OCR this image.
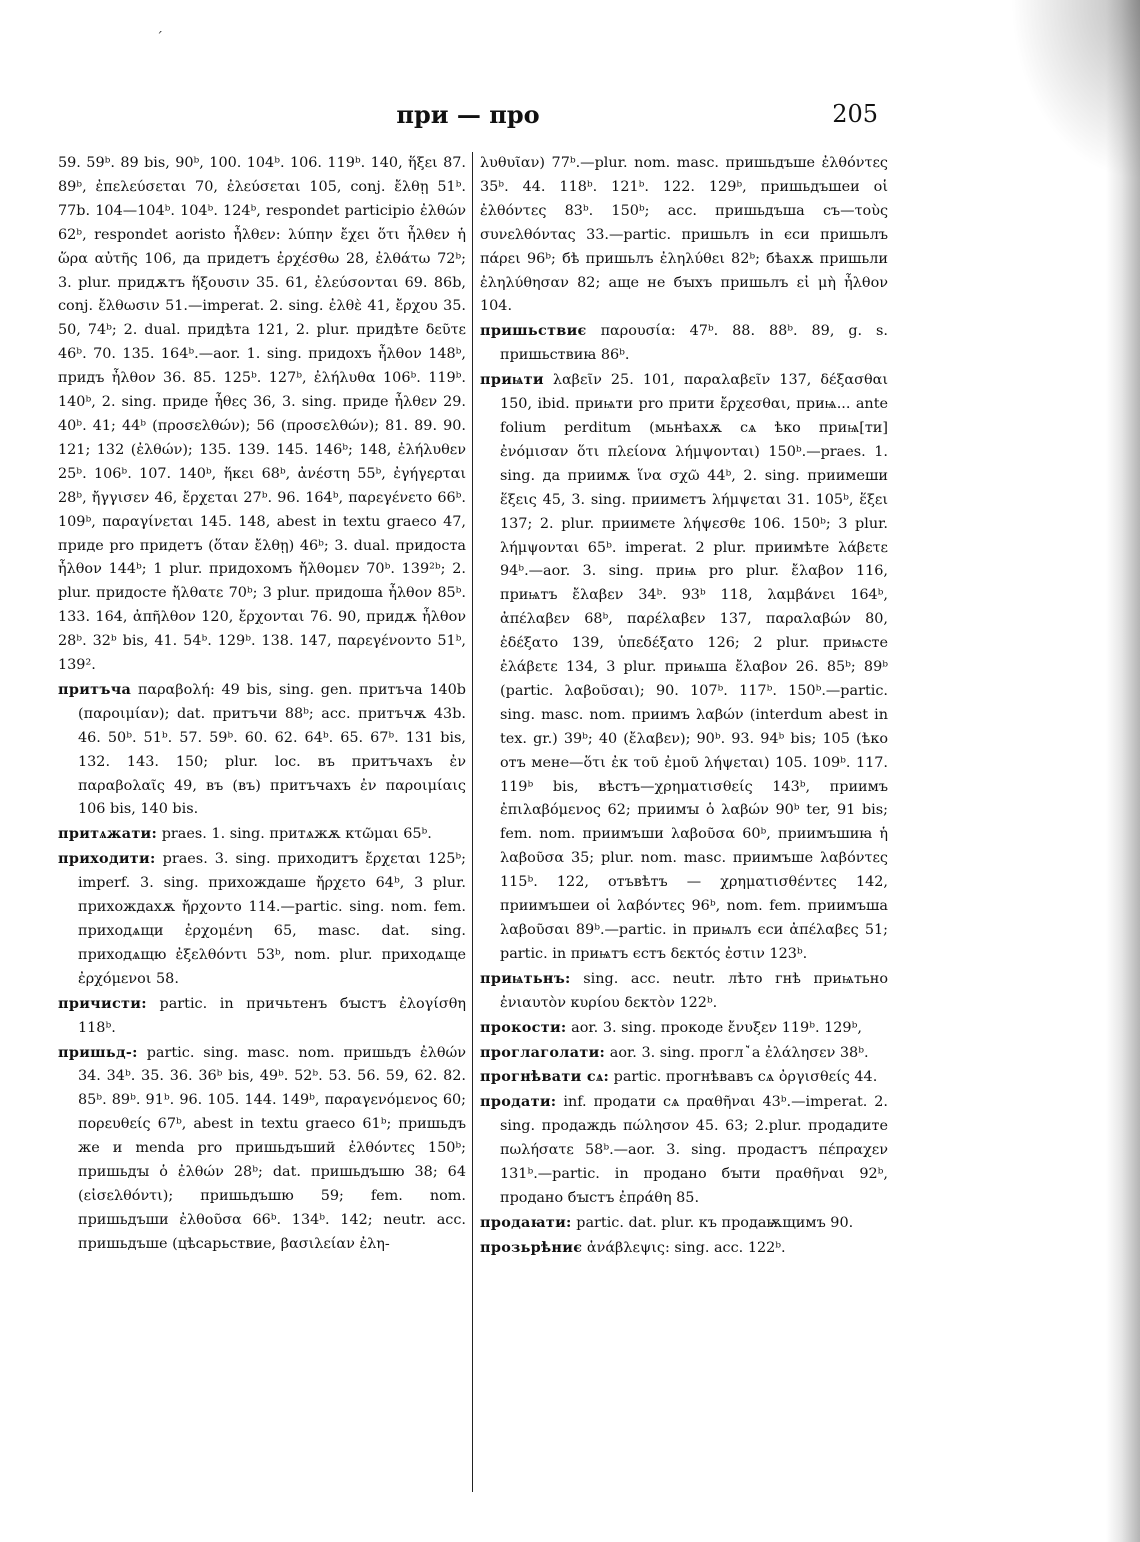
ˊ
при — про	205

59. 59ᵇ. 89 bis, 90ᵇ, 100. 104ᵇ. 106. 119ᵇ. 140, ἥξει 87. 89ᵇ, ἐπελεύσεται 70, ἐλεύσεται 105, conj. ἔλθῃ 51ᵇ. 77b. 104—104ᵇ. 104ᵇ. 124ᵇ, respondet participio ἐλθών 62ᵇ, respondet aoristo ἦλθεν: λύπην ἔχει ὅτι ἦλθεν ἡ ὥρα αὐτῆς 106, да придетъ ἐρχέσθω 28, ἐλθάτω 72ᵇ; 3. plur. придѫтъ ἥξουσιν 35. 61, ἐλεύσονται 69. 86b, conj. ἔλθωσιν 51.—imperat. 2. sing. ἐλθὲ 41, ἔρχου 35. 50, 74ᵇ; 2. dual. придѣта 121, 2. plur. придѣте δεῦτε 46ᵇ. 70. 135. 164ᵇ.—aor. 1. sing. придохъ ἦλθον 148ᵇ, придъ ἦλθον 36. 85. 125ᵇ. 127ᵇ, ἐλήλυθα 106ᵇ. 119ᵇ. 140ᵇ, 2. sing. приде ἦθες 36, 3. sing. приде ἦλθεν 29. 40ᵇ. 41; 44ᵇ (προσελθών); 56 (προσελθών); 81. 89. 90. 121; 132 (ἐλθών); 135. 139. 145. 146ᵇ; 148, ἐλήλυθεν 25ᵇ. 106ᵇ. 107. 140ᵇ, ἥκει 68ᵇ, ἀνέστη 55ᵇ, ἐγήγερται 28ᵇ, ἤγγισεν 46, ἔρχεται 27ᵇ. 96. 164ᵇ, παρεγένετο 66ᵇ. 109ᵇ, παραγίνεται 145. 148, abest in textu graeco 47, приде pro придетъ (ὅταν ἔλθῃ) 46ᵇ; 3. dual. придоста ἦλθον 144ᵇ; 1 plur. придохомъ ἤλθομεν 70ᵇ. 139²ᵇ; 2. plur. придосте ἤλθατε 70ᵇ; 3 plur. придоша ἦλθον 85ᵇ. 133. 164, ἀπῆλθον 120, ἔρχονται 76. 90, придѫ ἦλθον 28ᵇ. 32ᵇ bis, 41. 54ᵇ. 129ᵇ. 138. 147, παρεγένοντο 51ᵇ, 139².

притъча παραβολή: 49 bis, sing. gen. притъча 140b (παροιμίαν); dat. притъчи 88ᵇ; acc. притъчѫ 43b. 46. 50ᵇ. 51ᵇ. 57. 59ᵇ. 60. 62. 64ᵇ. 65. 67ᵇ. 131 bis, 132. 143. 150; plur. loc. въ притъчахъ ἐν παραβολαῖς 49, въ (въ) притъчахъ ἐν παροιμίαις 106 bis, 140 bis.

притѧжати: praes. 1. sing. притѧжѫ κτῶμαι 65ᵇ.

прихoдити: praes. 3. sing. приходитъ ἔρχεται 125ᵇ; imperf. 3. sing. прихождаше ἤρχετο 64ᵇ, 3 plur. прихождахѫ ἤρχοντο 114.—partic. sing. nom. fem. приходѧщи ἐρχομένη 65, masc. dat. sing. приходѧщю ἐξελθόντι 53ᵇ, nom. plur. приходѧще ἐρχόμενοι 58.

причисти: partic. in причьтенъ бꙑстъ ἐλογίσθη 118ᵇ.

пришьд-: partic. sing. masc. nom. пришьдъ ἐλθών 34. 34ᵇ. 35. 36. 36ᵇ bis, 49ᵇ. 52ᵇ. 53. 56. 59, 62. 82. 85ᵇ. 89ᵇ. 91ᵇ. 96. 105. 144. 149ᵇ, παραγενόμενος 60; πορευθείς 67ᵇ, abest in textu graeco 61ᵇ; пришьдъ же и menda pro пришьдъший ἐλθόντες 150ᵇ; пришьдꙑ ὁ ἐλθών 28ᵇ; dat. пришьдъшю 38; 64 (εἰσελθόντι); пришьдъшю 59; fem. nom. пришьдъши ἐλθοῦσα 66ᵇ. 134ᵇ. 142; neutr. acc. пришьдъше (цѣсарьствие, βασιλείαν ἐλη-

λυθυῖαν) 77ᵇ.—plur. nom. masc. пришьдъше ἐλθόντες 35ᵇ. 44. 118ᵇ. 121ᵇ. 122. 129ᵇ, пришьдъшеи οἱ ἐλθόντες 83ᵇ. 150ᵇ; acc. пришьдъша съ—τοὺς συνελθόντας 33.—partic. пришьлъ in єси пришьлъ πάρει 96ᵇ; бѣ пришьлъ ἐληλύθει 82ᵇ; бѣахѫ пришьли ἐληλύθησαν 82; аще не бꙑхъ пришьлъ εἰ μὴ ἦλθον 104.

пришьствиє παρουσία: 47ᵇ. 88. 88ᵇ. 89, g. s. пришьствиꙗ 86ᵇ.

приѩти λαβεῖν 25. 101, παραλαβεῖν 137, δέξασθαι 150, ibid. приѩти pro прити ἔρχεσθαι, приѩ... ante folium perditum (мьнѣахѫ сѧ ѣко приѩ[ти] ἐνόμισαν ὅτι πλείονα λήμψονται) 150ᵇ.—praes. 1. sing. да приимѫ ἵνα σχῶ 44ᵇ, 2. sing. приимеши ἕξεις 45, 3. sing. приимєтъ λήμψεται 31. 105ᵇ, ἕξει 137; 2. plur. приимєте λήψεσθε 106. 150ᵇ; 3 plur. λήμψονται 65ᵇ. imperat. 2 plur. приимѣте λάβετε 94ᵇ.—aor. 3. sing. приѩ pro plur. ἔλαβον 116, приѩтъ ἔλαβεν 34ᵇ. 93ᵇ 118, λαμβάνει 164ᵇ, ἀπέλαβεν 68ᵇ, παρέλαβεν 137, παραλαβών 80, ἐδέξατο 139, ὑπεδέξατο 126; 2 plur. приѩсте ἐλάβετε 134, 3 plur. приѩша ἔλαβον 26. 85ᵇ; 89ᵇ (partic. λαβοῦσαι); 90. 107ᵇ. 117ᵇ. 150ᵇ.—partic. sing. masc. nom. приимъ λαβών (interdum abest in tex. gr.) 39ᵇ; 40 (ἔλαβεν); 90ᵇ. 93. 94ᵇ bis; 105 (ѣко отъ мене—ὅτι ἐκ τοῦ ἐμοῦ λήψεται) 105. 109ᵇ. 117. 119ᵇ bis, вѣстъ—χρηματισθείς 143ᵇ, приимъ ἐπιλαβόμενος 62; приимꙑ ὁ λαβών 90ᵇ ter, 91 bis; fem. nom. приимъши λαβοῦσα 60ᵇ, приимъшиꙗ ἡ λαβοῦσα 35; plur. nom. masc. приимъше λαβόντες 115ᵇ. 122, отъвѣтъ — χρηματισθέντες 142, приимъшеи οἱ λαβόντες 96ᵇ, nom. fem. приимъша λαβοῦσαι 89ᵇ.—partic. in приѩлъ єси ἀπέλαβες 51; partic. in приѩтъ єстъ δεκτός ἐστιν 123ᵇ.

приѩтьнъ: sing. acc. neutr. лѣто гнѣ приѩтьно ἐνιαυτὸν κυρίου δεκτὸν 122ᵇ.

прокости: aor. 3. sing. прокоде ἔνυξεν 119ᵇ. 129ᵇ,

проглаголати: aor. 3. sing. проглꙿа ἐλάλησεν 38ᵇ.

прогнѣвати сѧ: partic. прогнѣвавъ сѧ ὀργισθείς 44.

продати: inf. продати сѧ πραθῆναι 43ᵇ.—imperat. 2. sing. продаждь πώλησον 45. 63; 2.plur. продадите πωλήσατε 58ᵇ.—aor. 3. sing. продастъ πέπραχεν 131ᵇ.—partic. in продано бꙑти πραθῆναι 92ᵇ, продано бꙑстъ ἐπράθη 85.

продаꙗти: partic. dat. plur. къ продаѭщимъ 90.

прозьрѣниє ἀνάβλεψις: sing. acc. 122ᵇ.
